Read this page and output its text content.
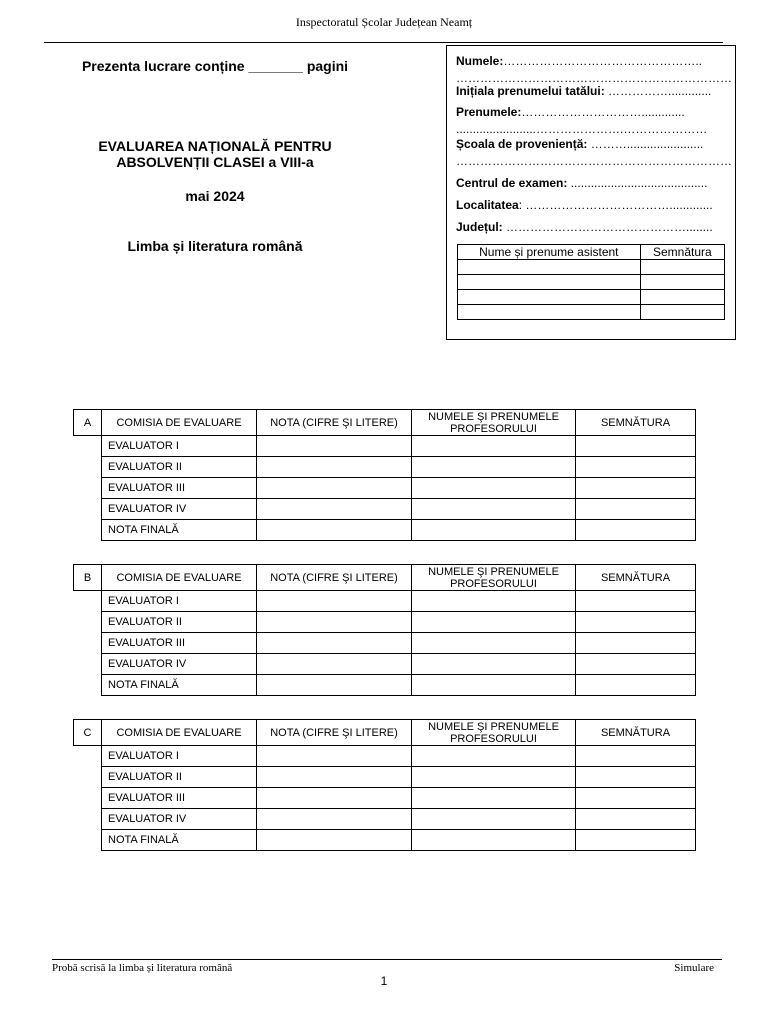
Inspectoratul Școlar Județean Neamț
Prezenta lucrare conține _______ pagini
EVALUAREA NAȚIONALĂ PENTRU
ABSOLVENȚII CLASEI a VIII-a
mai 2024
Limba și literatura română
Numele:…………………………………………..
……………………………………………………………
Inițiala prenumelui tatălui: …………….............
Prenumele:………………………….............
........................………………….…………………
Școala de proveniență: ……….......................
……………………………………………………………
Centrul de examen: .........................................
Localitatea: ……………………………….............
Județul: ………………………………………........
Nume și prenume asistent	Semnătura

A	COMISIA DE EVALUARE	NOTA (CIFRE ŞI LITERE)	NUMELE ŞI PRENUMELE PROFESORULUI	SEMNĂTURA
	EVALUATOR I			
	EVALUATOR II			
	EVALUATOR III			
	EVALUATOR IV			
	NOTA FINALĂ			
B	COMISIA DE EVALUARE	NOTA (CIFRE ŞI LITERE)	NUMELE ŞI PRENUMELE PROFESORULUI	SEMNĂTURA
	EVALUATOR I			
	EVALUATOR II			
	EVALUATOR III			
	EVALUATOR IV			
	NOTA FINALĂ			
C	COMISIA DE EVALUARE	NOTA (CIFRE ŞI LITERE)	NUMELE ŞI PRENUMELE PROFESORULUI	SEMNĂTURA
	EVALUATOR I			
	EVALUATOR II			
	EVALUATOR III			
	EVALUATOR IV			
	NOTA FINALĂ			
Probă scrisă la limba și literatura română	Simulare
1
